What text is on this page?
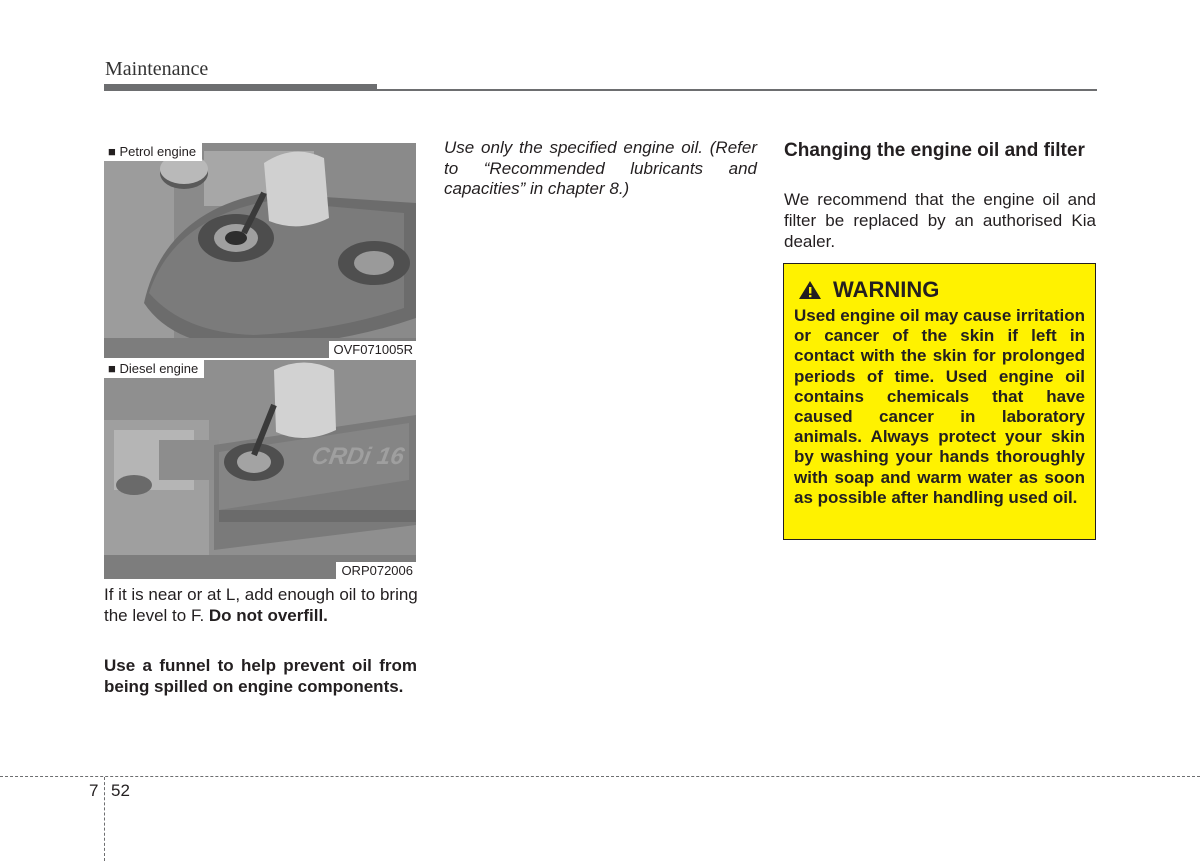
Maintenance
■ Petrol engine
OVF071005R
CRDi 16
■ Diesel engine
ORP072006
If it is near or at L, add enough oil to bring the level to F. Do not overfill.
Use a funnel to help prevent oil from being spilled on engine components.
Use only the specified engine oil. (Refer to “Recommended lubricants and capacities” in chapter 8.)
Changing the engine oil and filter
We recommend that the engine oil and filter be replaced by an authorised Kia dealer.
WARNING
Used engine oil may cause irritation or cancer of the skin if left in contact with the skin for prolonged periods of time. Used engine oil contains chemicals that have caused cancer in laboratory animals. Always protect your skin by washing your hands thoroughly with soap and warm water as soon as possible after handling used oil.
7 52
